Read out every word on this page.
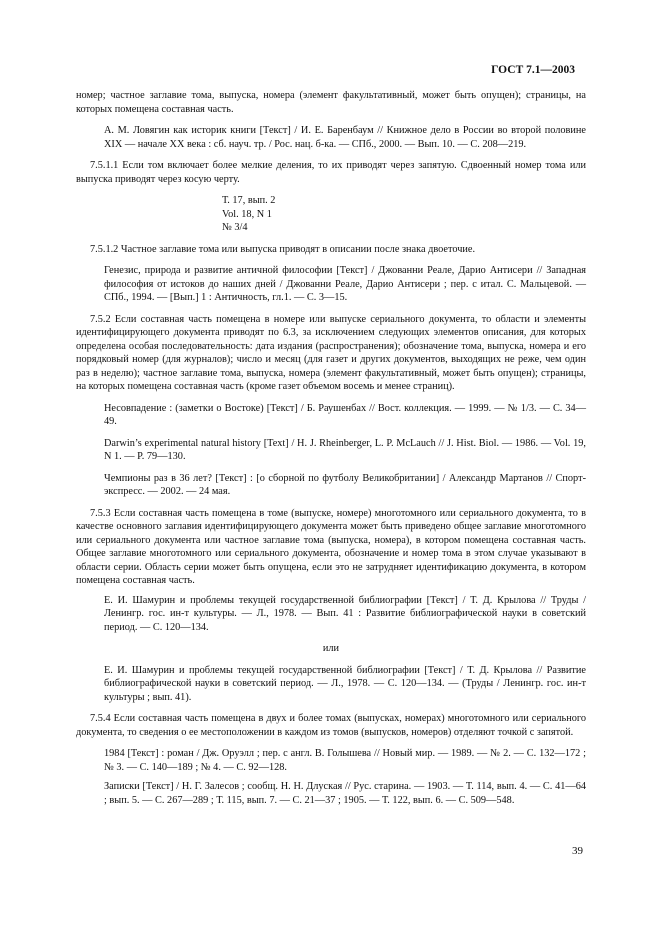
ГОСТ 7.1—2003

номер; частное заглавие тома, выпуска, номера (элемент факультативный, может быть опущен); страницы, на которых помещена составная часть.

А. М. Ловягин как историк книги [Текст] / И. Е. Баренбаум // Книжное дело в России во второй половине XIX — начале XX века : сб. науч. тр. / Рос. нац. б-ка. — СПб., 2000. — Вып. 10. — С. 208—219.

7.5.1.1 Если том включает более мелкие деления, то их приводят через запятую. Сдвоенный номер тома или выпуска приводят через косую черту.

Т. 17, вып. 2
Vol. 18, N 1
№ 3/4

7.5.1.2 Частное заглавие тома или выпуска приводят в описании после знака двоеточие.

Генезис, природа и развитие античной философии [Текст] / Джованни Реале, Дарио Антисери // Западная философия от истоков до наших дней / Джованни Реале, Дарио Антисери ; пер. с итал. С. Мальцевой. — СПб., 1994. — [Вып.] 1 : Античность, гл.1. — С. 3—15.

7.5.2 Если составная часть помещена в номере или выпуске сериального документа, то области и элементы идентифицирующего документа приводят по 6.3, за исключением следующих элементов описания, для которых определена особая последовательность: дата издания (распространения); обозначение тома, выпуска, номера и его порядковый номер (для журналов); число и месяц (для газет и других документов, выходящих не реже, чем один раз в неделю); частное заглавие тома, выпуска, номера (элемент факультативный, может быть опущен); страницы, на которых помещена составная часть (кроме газет объемом восемь и менее страниц).

Несовпадение : (заметки о Востоке) [Текст] / Б. Раушенбах // Вост. коллекция. — 1999. — № 1/3. — С. 34—49.

Darwin’s experimental natural history [Text] / H. J. Rheinberger, L. P. McLauch // J. Hist. Biol. — 1986. — Vol. 19, N 1. — P. 79—130.

Чемпионы раз в 36 лет? [Текст] : [о сборной по футболу Великобритании] / Александр Мартанов // Спорт-экспресс. — 2002. — 24 мая.

7.5.3 Если составная часть помещена в томе (выпуске, номере) многотомного или сериального документа, то в качестве основного заглавия идентифицирующего документа может быть приведено общее заглавие многотомного или сериального документа или частное заглавие тома (выпуска, номера), в котором помещена составная часть. Общее заглавие многотомного или сериального документа, обозначение и номер тома в этом случае указывают в области серии. Область серии может быть опущена, если это не затрудняет идентификацию документа, в котором помещена составная часть.

Е. И. Шамурин и проблемы текущей государственной библиографии [Текст] / Т. Д. Крылова // Труды / Ленингр. гос. ин-т культуры. — Л., 1978. — Вып. 41 : Развитие библиографической науки в советский период. — С. 120—134.

или

Е. И. Шамурин и проблемы текущей государственной библиографии [Текст] / Т. Д. Крылова // Развитие библиографической науки в советский период. — Л., 1978. — С. 120—134. — (Труды / Ленингр. гос. ин-т культуры ; вып. 41).

7.5.4 Если составная часть помещена в двух и более томах (выпусках, номерах) многотомного или сериального документа, то сведения о ее местоположении в каждом из томов (выпусков, номеров) отделяют точкой с запятой.

1984 [Текст] : роман / Дж. Оруэлл ; пер. с англ. В. Голышева // Новый мир. — 1989. — № 2. — С. 132—172 ; № 3. — С. 140—189 ; № 4. — С. 92—128.

Записки [Текст] / Н. Г. Залесов ; сообщ. Н. Н. Длуская // Рус. старина. — 1903. — Т. 114, вып. 4. — С. 41—64 ; вып. 5. — С. 267—289 ; Т. 115, вып. 7. — С. 21—37 ; 1905. — Т. 122, вып. 6. — С. 509—548.

39
